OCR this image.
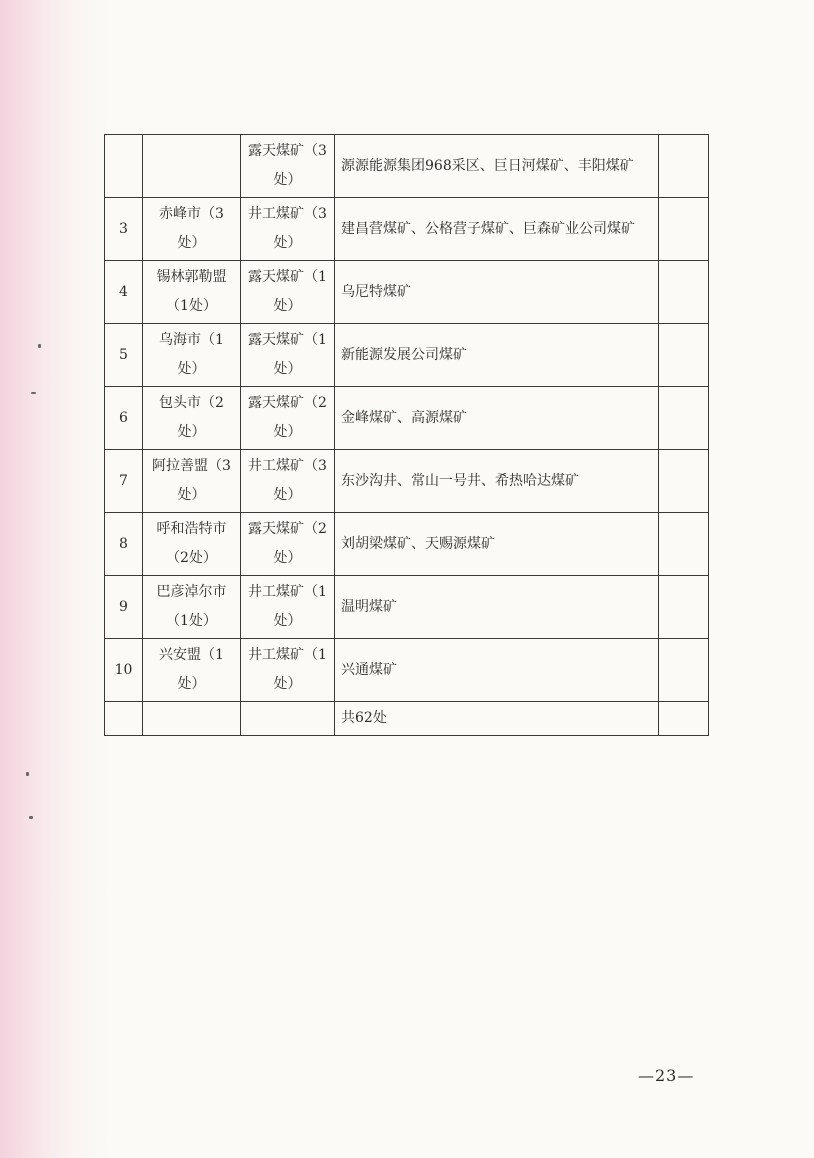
		露天煤矿（3处）	源源能源集团968采区、巨日河煤矿、丰阳煤矿	
3	赤峰市（3处）	井工煤矿（3处）	建昌营煤矿、公格营子煤矿、巨森矿业公司煤矿	
4	锡林郭勒盟（1处）	露天煤矿（1处）	乌尼特煤矿	
5	乌海市（1处）	露天煤矿（1处）	新能源发展公司煤矿	
6	包头市（2处）	露天煤矿（2处）	金峰煤矿、高源煤矿	
7	阿拉善盟（3处）	井工煤矿（3处）	东沙沟井、常山一号井、希热哈达煤矿	
8	呼和浩特市（2处）	露天煤矿（2处）	刘胡梁煤矿、天赐源煤矿	
9	巴彦淖尔市（1处）	井工煤矿（1处）	温明煤矿	
10	兴安盟（1处）	井工煤矿（1处）	兴通煤矿	
			共62处	
—23—
